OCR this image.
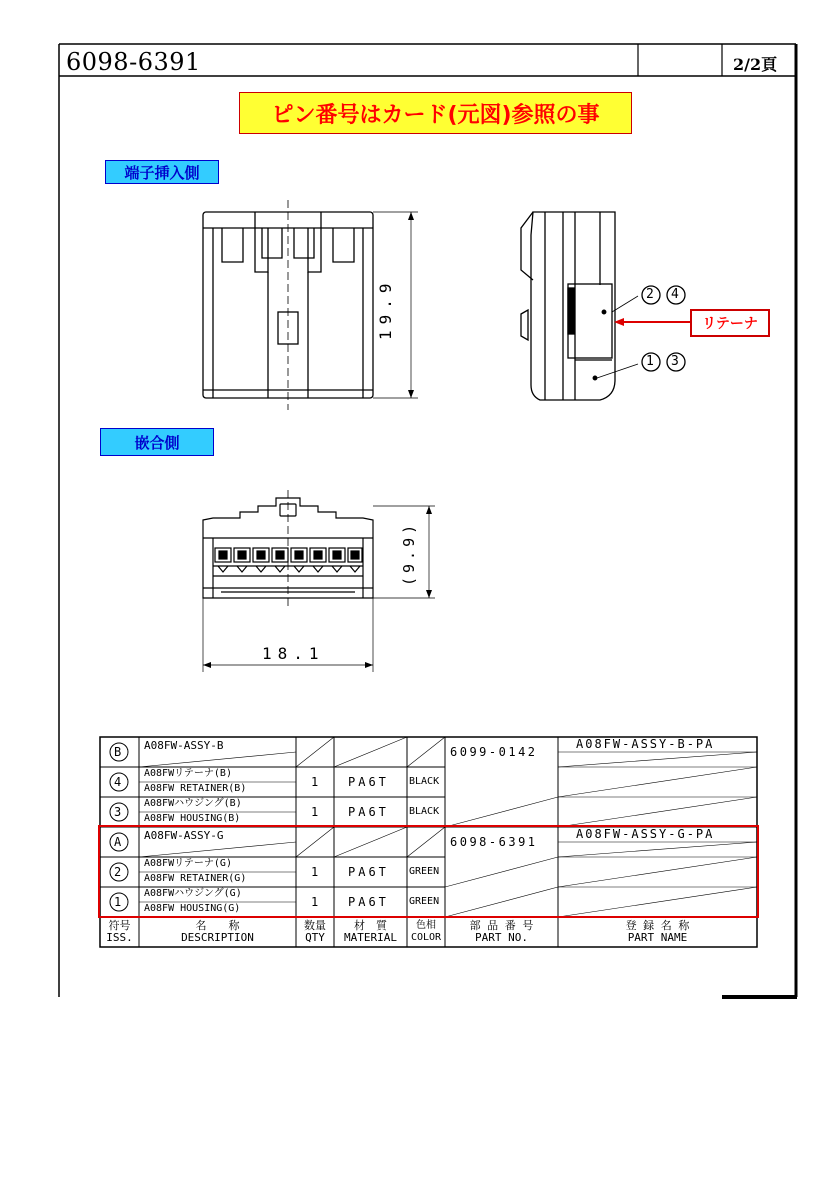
6098-6391	2/2頁
ピン番号はカード(元図)参照の事
端子挿入側
嵌合側
リテーナ
2 4
1 3
19.9
(9.9)
18.1
B
4
3
A
2
1
A08FW-ASSY-B
A08FWリテーナ(B)
A08FW RETAINER(B)
A08FWハウジング(B)
A08FW HOUSING(B)
A08FW-ASSY-G
A08FWリテーナ(G)
A08FW RETAINER(G)
A08FWハウジング(G)
A08FW HOUSING(G)
1
1
1
1
PA6T
PA6T
PA6T
PA6T
BLACK
BLACK
GREEN
GREEN
6099-0142
6098-6391
A08FW-ASSY-B-PA
A08FW-ASSY-G-PA
符号
ISS.
名　　称
DESCRIPTION
数量
QTY
材　質
MATERIAL
色相
COLOR
部 品 番 号
PART NO.
登 録 名 称
PART NAME
